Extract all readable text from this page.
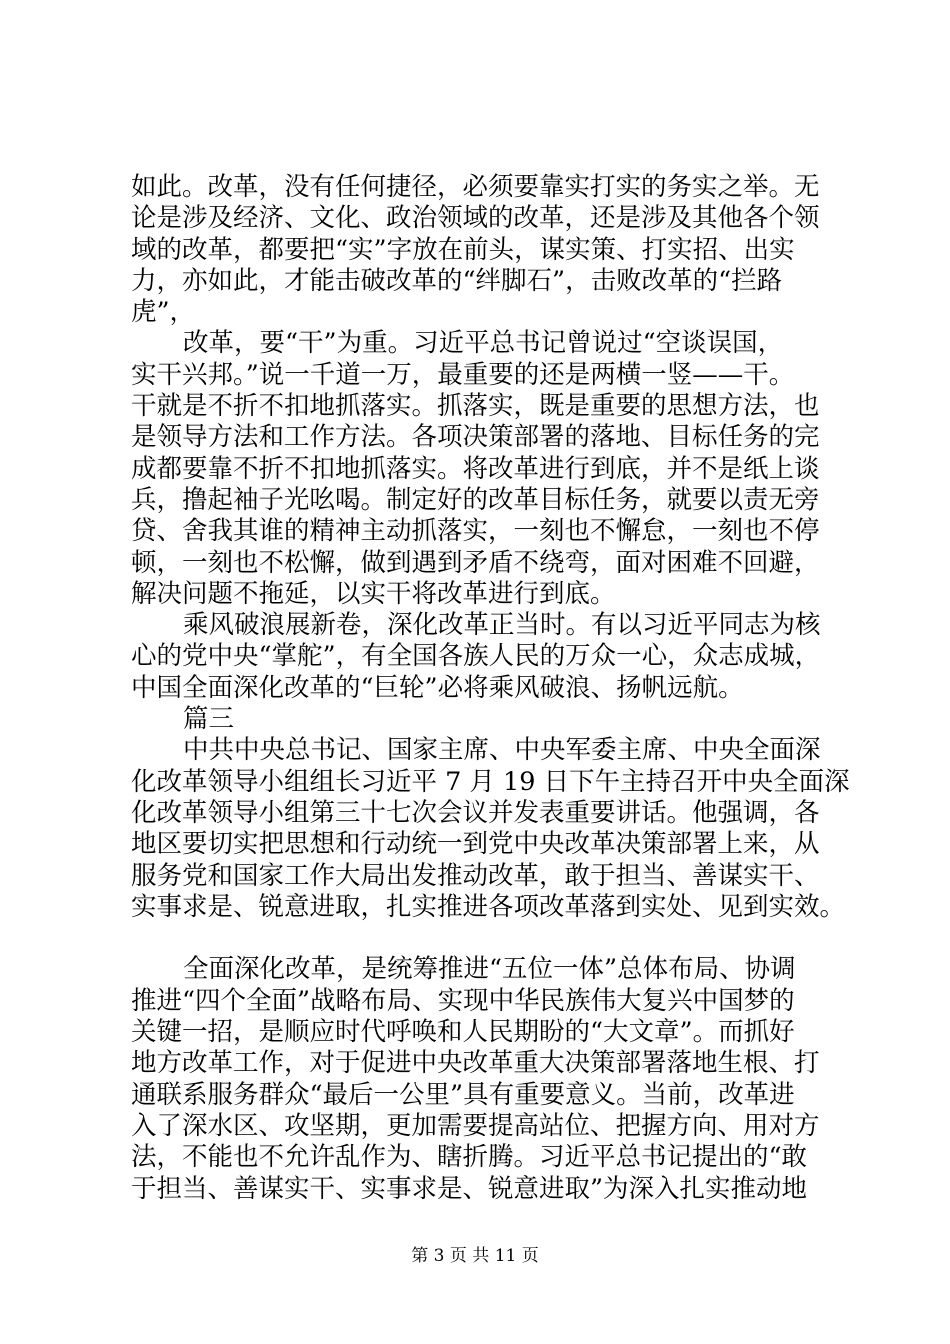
如此。改革，没有任何捷径，必须要靠实打实的务实之举。无
论是涉及经济、文化、政治领域的改革，还是涉及其他各个领
域的改革，都要把“实”字放在前头，谋实策、打实招、出实
力，亦如此，才能击破改革的“绊脚石”，击败改革的“拦路
虎”，
改革，要“干”为重。习近平总书记曾说过“空谈误国，
实干兴邦。”说一千道一万，最重要的还是两横一竖——干。
干就是不折不扣地抓落实。抓落实，既是重要的思想方法，也
是领导方法和工作方法。各项决策部署的落地、目标任务的完
成都要靠不折不扣地抓落实。将改革进行到底，并不是纸上谈
兵，撸起袖子光吆喝。制定好的改革目标任务，就要以责无旁
贷、舍我其谁的精神主动抓落实，一刻也不懈怠，一刻也不停
顿，一刻也不松懈，做到遇到矛盾不绕弯，面对困难不回避，
解决问题不拖延，以实干将改革进行到底。
乘风破浪展新卷，深化改革正当时。有以习近平同志为核
心的党中央“掌舵”，有全国各族人民的万众一心，众志成城，
中国全面深化改革的“巨轮”必将乘风破浪、扬帆远航。
篇三
中共中央总书记、国家主席、中央军委主席、中央全面深
化改革领导小组组长习近平 7 月 19 日下午主持召开中央全面深
化改革领导小组第三十七次会议并发表重要讲话。他强调，各
地区要切实把思想和行动统一到党中央改革决策部署上来，从
服务党和国家工作大局出发推动改革，敢于担当、善谋实干、
实事求是、锐意进取，扎实推进各项改革落到实处、见到实效。
全面深化改革，是统筹推进“五位一体”总体布局、协调
推进“四个全面”战略布局、实现中华民族伟大复兴中国梦的
关键一招，是顺应时代呼唤和人民期盼的“大文章”。而抓好
地方改革工作，对于促进中央改革重大决策部署落地生根、打
通联系服务群众“最后一公里”具有重要意义。当前，改革进
入了深水区、攻坚期，更加需要提高站位、把握方向、用对方
法，不能也不允许乱作为、瞎折腾。习近平总书记提出的“敢
于担当、善谋实干、实事求是、锐意进取”为深入扎实推动地
第 3 页 共 11 页
